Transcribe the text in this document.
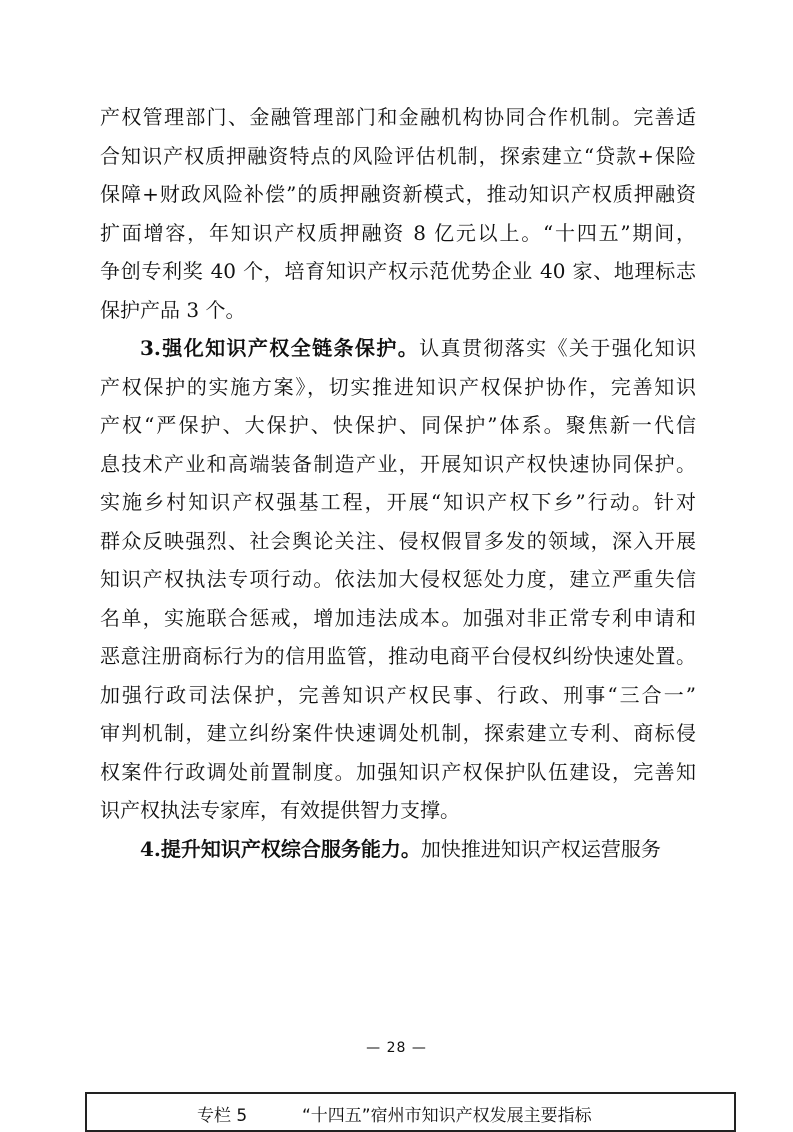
产权管理部门、金融管理部门和金融机构协同合作机制。完善适
合知识产权质押融资特点的风险评估机制，探索建立“贷款+保险
保障+财政风险补偿”的质押融资新模式，推动知识产权质押融资
扩面增容，年知识产权质押融资 8 亿元以上。“十四五”期间，
争创专利奖 40 个，培育知识产权示范优势企业 40 家、地理标志
保护产品 3 个。
3.强化知识产权全链条保护。认真贯彻落实《关于强化知识
产权保护的实施方案》，切实推进知识产权保护协作，完善知识
产权“严保护、大保护、快保护、同保护”体系。聚焦新一代信
息技术产业和高端装备制造产业，开展知识产权快速协同保护。
实施乡村知识产权强基工程，开展“知识产权下乡”行动。针对
群众反映强烈、社会舆论关注、侵权假冒多发的领域，深入开展
知识产权执法专项行动。依法加大侵权惩处力度，建立严重失信
名单，实施联合惩戒，增加违法成本。加强对非正常专利申请和
恶意注册商标行为的信用监管，推动电商平台侵权纠纷快速处置。
加强行政司法保护，完善知识产权民事、行政、刑事“三合一”
审判机制，建立纠纷案件快速调处机制，探索建立专利、商标侵
权案件行政调处前置制度。加强知识产权保护队伍建设，完善知
识产权执法专家库，有效提供智力支撑。
4.提升知识产权综合服务能力。加快推进知识产权运营服务
— 28 —
专栏 5	“十四五”宿州市知识产权发展主要指标
